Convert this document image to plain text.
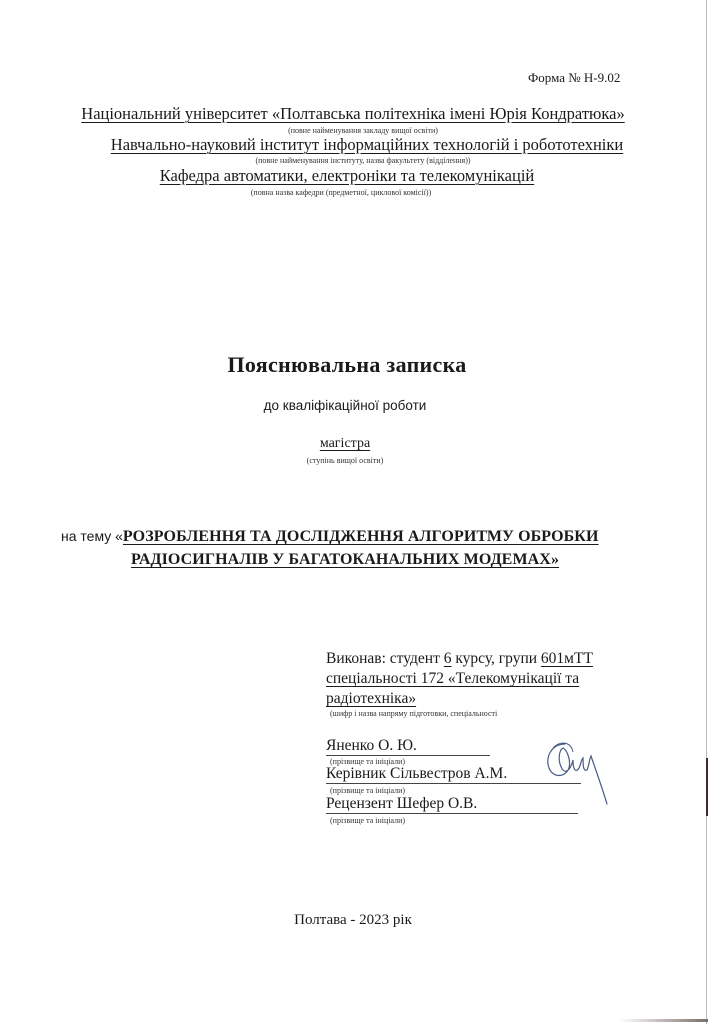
Форма № Н-9.02
Національний університет «Полтавська політехніка імені Юрія Кондратюка»
(повне найменування закладу вищої освіти)
Навчально-науковий інститут інформаційних технологій і робототехніки
(повне найменування інституту, назва факультету (відділення))
Кафедра автоматики, електроніки та телекомунікацій
(повна назва кафедри (предметної, циклової комісії))
Пояснювальна записка
до кваліфікаційної роботи
магістра
(ступінь вищої освіти)
на тему «РОЗРОБЛЕННЯ ТА ДОСЛІДЖЕННЯ АЛГОРИТМУ ОБРОБКИ
РАДІОСИГНАЛІВ У БАГАТОКАНАЛЬНИХ МОДЕМАХ»
Виконав: студент 6 курсу, групи 601мТТ
спеціальності 172 «Телекомунікації та
радіотехніка»
(шифр і назва напряму підготовки, спеціальності
Яненко О. Ю.
(прізвище та ініціали)
Керівник Сільвестров А.М.
(прізвище та ініціали)
Рецензент Шефер О.В.
(прізвище та ініціали)
Полтава - 2023 рік
